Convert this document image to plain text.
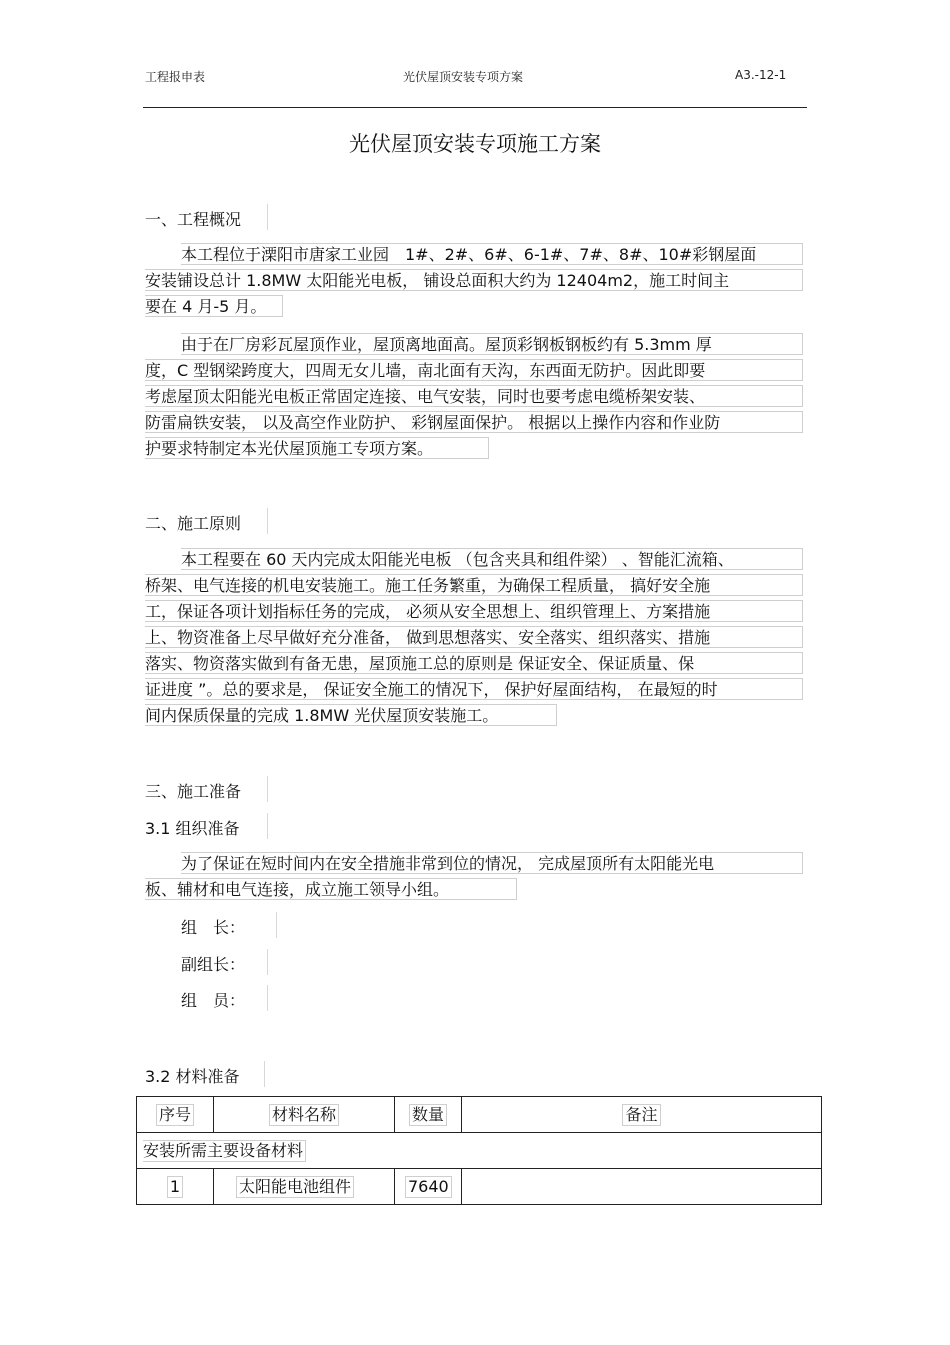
工程报申表	光伏屋顶安装专项方案	A3.-12-1
光伏屋顶安装专项施工方案
一、工程概况
本工程位于溧阳市唐家工业园　1#、2#、6#、6-1#、7#、8#、10#彩钢屋面
安装铺设总计 1.8MW 太阳能光电板， 铺设总面积大约为 12404m2，施工时间主
要在 4 月-5 月。
由于在厂房彩瓦屋顶作业，屋顶离地面高。屋顶彩钢板钢板约有 5.3mm 厚
度，C 型钢梁跨度大，四周无女儿墙，南北面有天沟，东西面无防护。因此即要
考虑屋顶太阳能光电板正常固定连接、电气安装，同时也要考虑电缆桥架安装、
防雷扁铁安装， 以及高空作业防护、 彩钢屋面保护。 根据以上操作内容和作业防
护要求特制定本光伏屋顶施工专项方案。
二、施工原则
本工程要在 60 天内完成太阳能光电板 （包含夹具和组件梁） 、智能汇流箱、
桥架、电气连接的机电安装施工。施工任务繁重，为确保工程质量， 搞好安全施
工，保证各项计划指标任务的完成， 必须从安全思想上、组织管理上、方案措施
上、物资准备上尽早做好充分准备， 做到思想落实、安全落实、组织落实、措施
落实、物资落实做到有备无患，屋顶施工总的原则是 保证安全、保证质量、保
证进度 ”。总的要求是， 保证安全施工的情况下， 保护好屋面结构， 在最短的时
间内保质保量的完成 1.8MW 光伏屋顶安装施工。
三、施工准备
3.1 组织准备
为了保证在短时间内在安全措施非常到位的情况， 完成屋顶所有太阳能光电
板、辅材和电气连接，成立施工领导小组。
组　长：
副组长：
组　员：
3.2 材料准备
序号	材料名称	数量	备注
安装所需主要设备材料			
1	太阳能电池组件	7640	
